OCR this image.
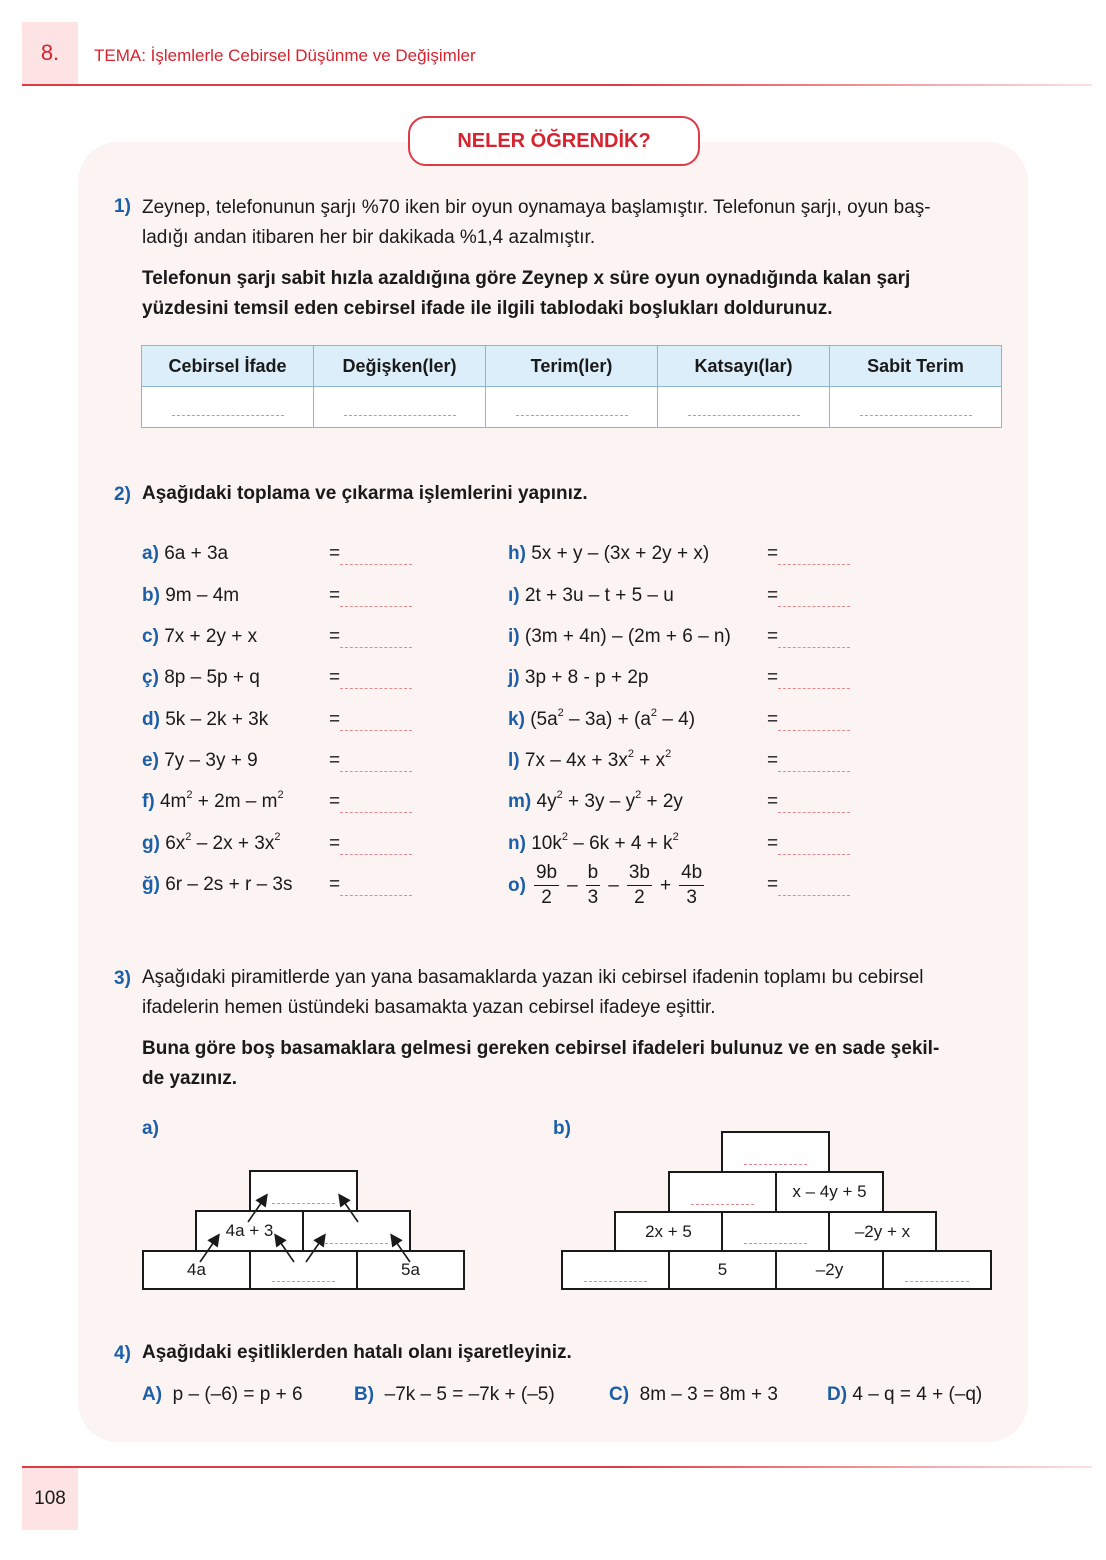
8.	TEMA: İşlemlerle Cebirsel Düşünme ve Değişimler
NELER ÖĞRENDİK?
1) Zeynep, telefonunun şarjı %70 iken bir oyun oynamaya başlamıştır. Telefonun şarjı, oyun baş-
ladığı andan itibaren her bir dakikada %1,4 azalmıştır.
Telefonun şarjı sabit hızla azaldığına göre Zeynep x süre oyun oynadığında kalan şarj
yüzdesini temsil eden cebirsel ifade ile ilgili tablodaki boşlukları doldurunuz.
Cebirsel İfade	Değişken(ler)	Terim(ler)	Katsayı(lar)	Sabit Terim

2) Aşağıdaki toplama ve çıkarma işlemlerini yapınız.
a) 6a + 3a
b) 9m – 4m
c) 7x + 2y + x
ç) 8p – 5p + q
d) 5k – 2k + 3k
e) 7y – 3y + 9
f) $4m^2 + 2m - m^2$
g) $6x^2 - 2x + 3x^2$
ğ) 6r – 2s + r – 3s
=
=
=
=
=
=
=
=
=
h) 5x + y – (3x + 2y + x)
ı) 2t + 3u – t + 5 – u
i) (3m + 4n) – (2m + 6 – n)
j) 3p + 8 - p + 2p
k) $(5a^2 - 3a) + (a^2 - 4)$
l) $7x - 4x + 3x^2 + x^2$
m) $4y^2 + 3y - y^2 + 2y$
n) $10k^2 - 6k + 4 + k^2$
$o) \frac{9b}{2} - \frac{b}{3} - \frac{3b}{2} + \frac{4b}{3}$
=
=
=
=
=
=
=
=
=
3) Aşağıdaki piramitlerde yan yana basamaklarda yazan iki cebirsel ifadenin toplamı bu cebirsel
ifadelerin hemen üstündeki basamakta yazan cebirsel ifadeye eşittir.
Buna göre boş basamaklara gelmesi gereken cebirsel ifadeleri bulunuz ve en sade şekil-
de yazınız.
a)	b)
4a + 3
4a	5a
x – 4y + 5
2x + 5	–2y + x
5	–2y
4) Aşağıdaki eşitliklerden hatalı olanı işaretleyiniz.
A) p – (–6) = p + 6	B) –7k – 5 = –7k + (–5)	C) 8m – 3 = 8m + 3	D) 4 – q = 4 + (–q)
108
